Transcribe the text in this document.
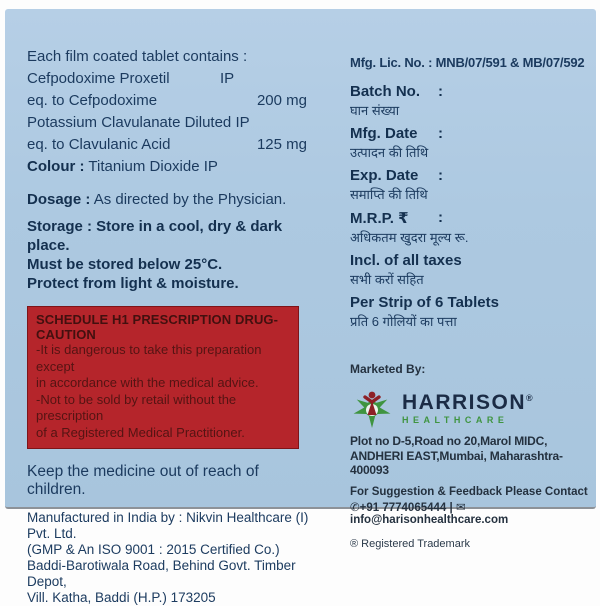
Each film coated tablet contains :
Cefpodoxime Proxetil	IP
eq. to Cefpodoxime	200 mg
Potassium Clavulanate Diluted IP
eq. to Clavulanic Acid	125 mg
Colour : Titanium Dioxide IP
Dosage : As directed by the Physician.
Storage : Store in a cool, dry & dark place.
Must be stored below 25°C.
Protect from light & moisture.
SCHEDULE H1 PRESCRIPTION DRUG-CAUTION
-It is dangerous to take this preparation except
in accordance with the medical advice.
-Not to be sold by retail without the prescription
of a Registered Medical Practitioner.
Keep the medicine out of reach of children.
Manufactured in India by : Nikvin Healthcare (I) Pvt. Ltd.
(GMP & An ISO 9001 : 2015 Certified Co.)
Baddi-Barotiwala Road, Behind Govt. Timber Depot,
Vill. Katha, Baddi (H.P.) 173205
Mfg. Lic. No. : MNB/07/591 & MB/07/592
Batch No.	:
घान संख्या
Mfg. Date	:
उत्पादन की तिथि
Exp. Date	:
समाप्ति की तिथि
M.R.P. ₹	:
अधिकतम खुदरा मूल्य रू.
Incl. of all taxes
सभी करों सहित
Per Strip of 6 Tablets
प्रति 6 गोलियों का पत्ता
Marketed By:
HARRISON®
HEALTHCARE
Plot no D-5,Road no 20,Marol MIDC,
ANDHERI EAST,Mumbai, Maharashtra-400093
For Suggestion & Feedback Please Contact
✆+91 7774065444 | ✉ info@harisonhealthcare.com
® Registered Trademark
